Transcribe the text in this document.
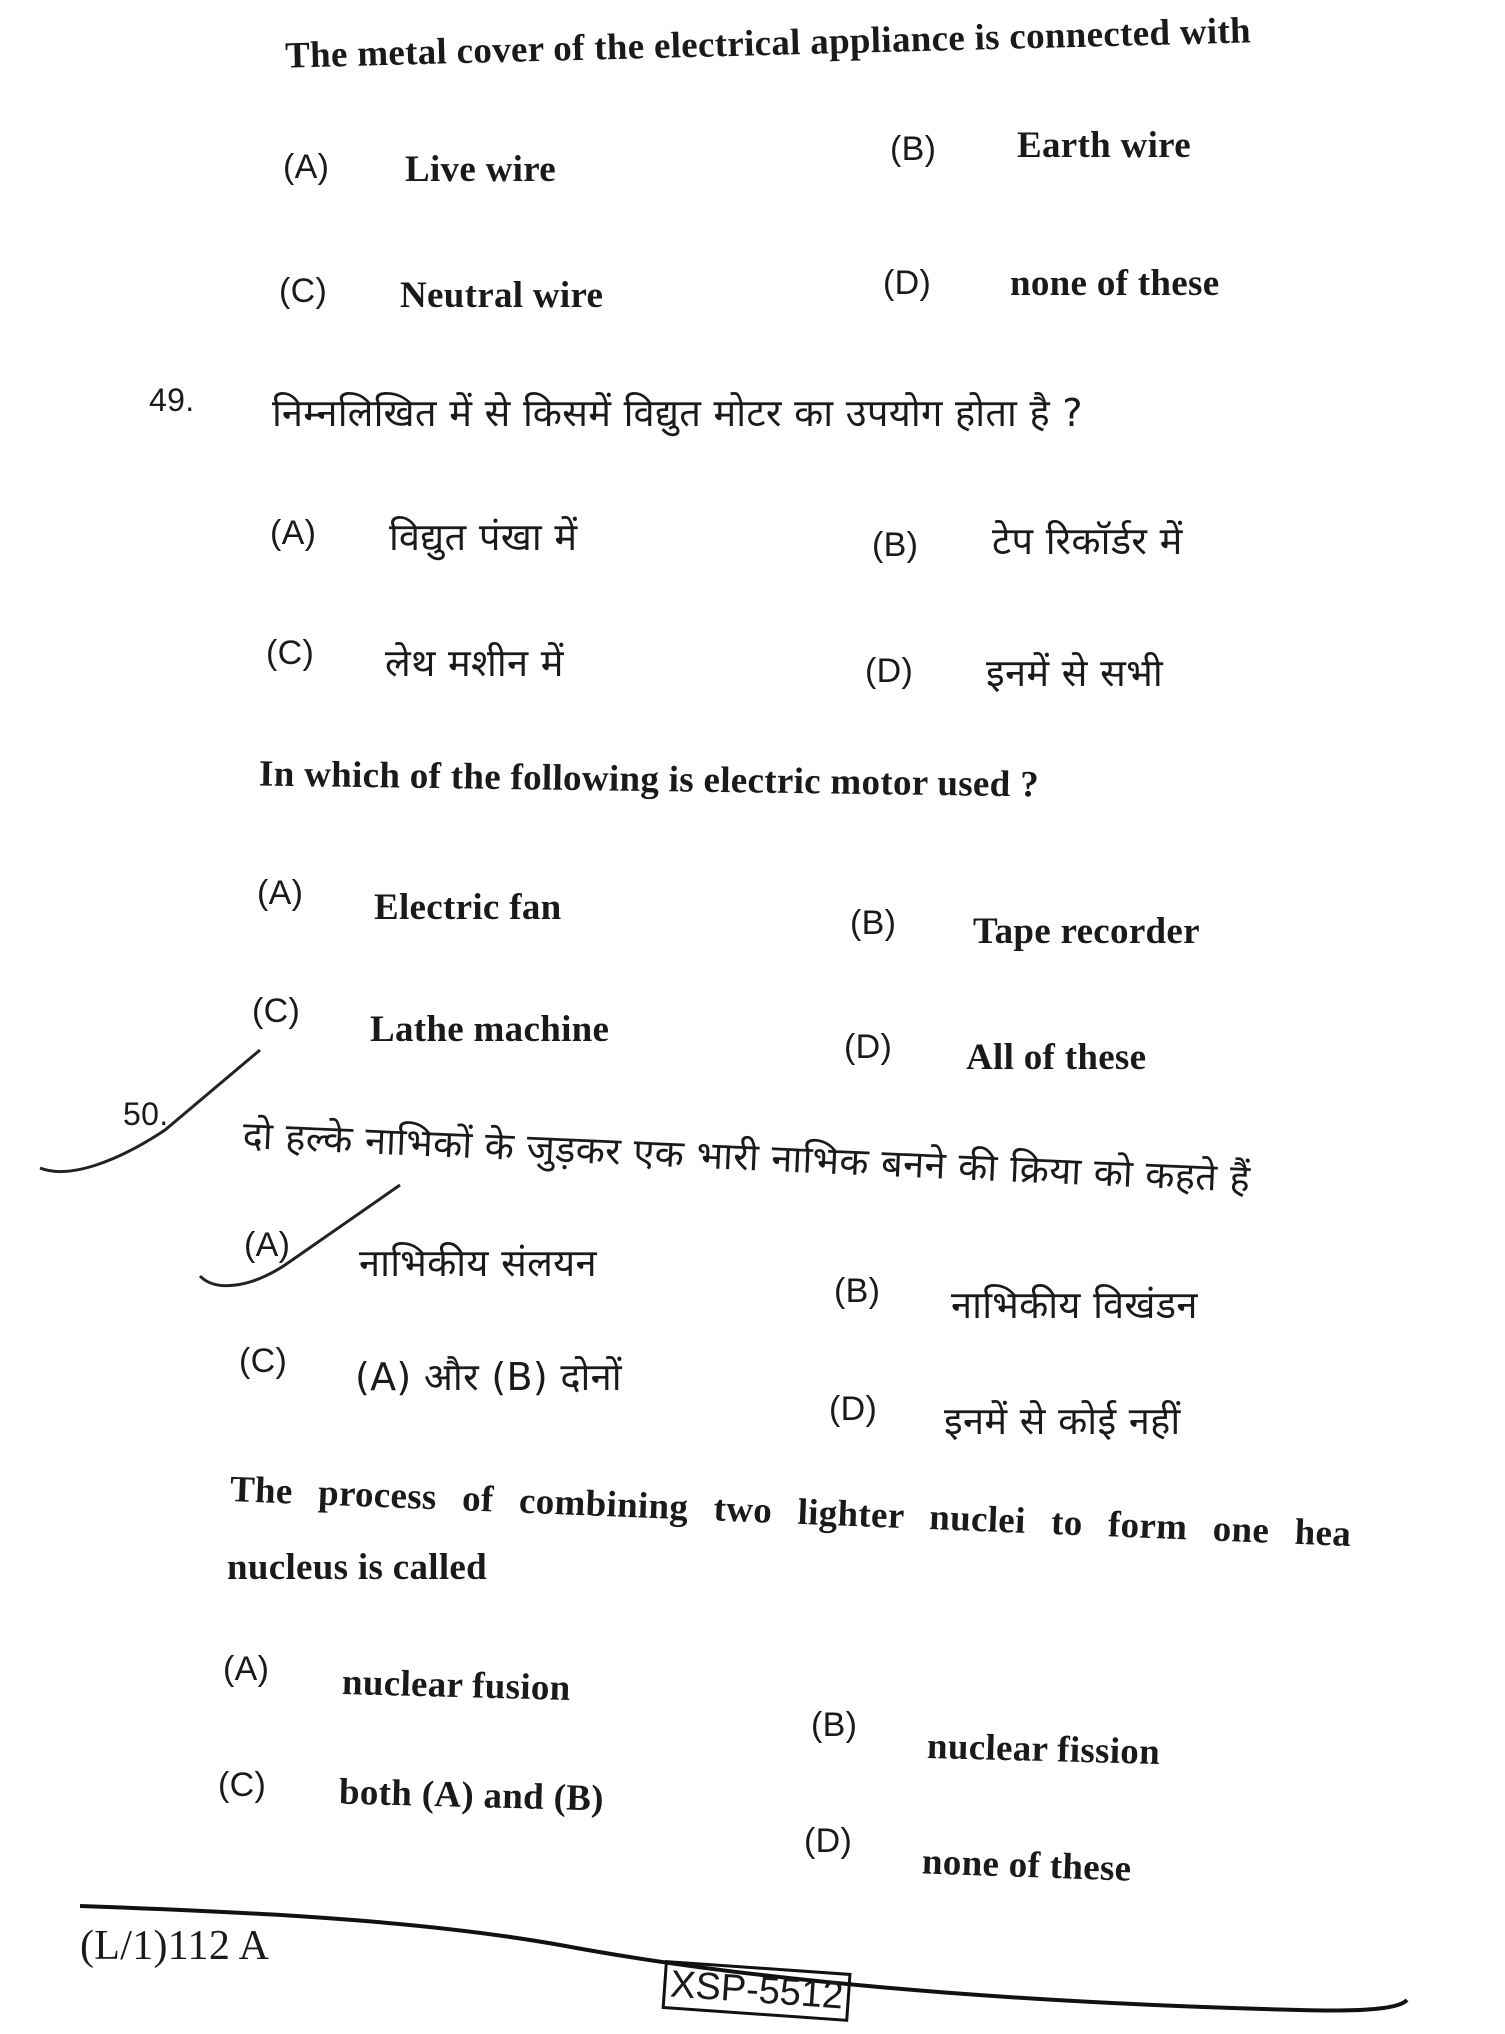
The metal cover of the electrical appliance is connected with
(A) Live wire	(B) Earth wire
(C) Neutral wire	(D) none of these
49. निम्नलिखित में से किसमें विद्युत मोटर का उपयोग होता है ?
(A) विद्युत पंखा में	(B) टेप रिकॉर्डर में
(C) लेथ मशीन में	(D) इनमें से सभी
In which of the following is electric motor used ?
(A) Electric fan	(B) Tape recorder
(C) Lathe machine	(D) All of these
50. दो हल्के नाभिकों के जुड़कर एक भारी नाभिक बनने की क्रिया को कहते हैं
(A) नाभिकीय संलयन
(B) नाभिकीय विखंडन
(C) (A) और (B) दोनों
(D) इनमें से कोई नहीं
The process of combining two lighter nuclei to form one hea
nucleus is called
(A) nuclear fusion
(B)
nuclear fission
(C) both (A) and (B)
(D)
none of these
(L/1)112 A
XSP-5512
